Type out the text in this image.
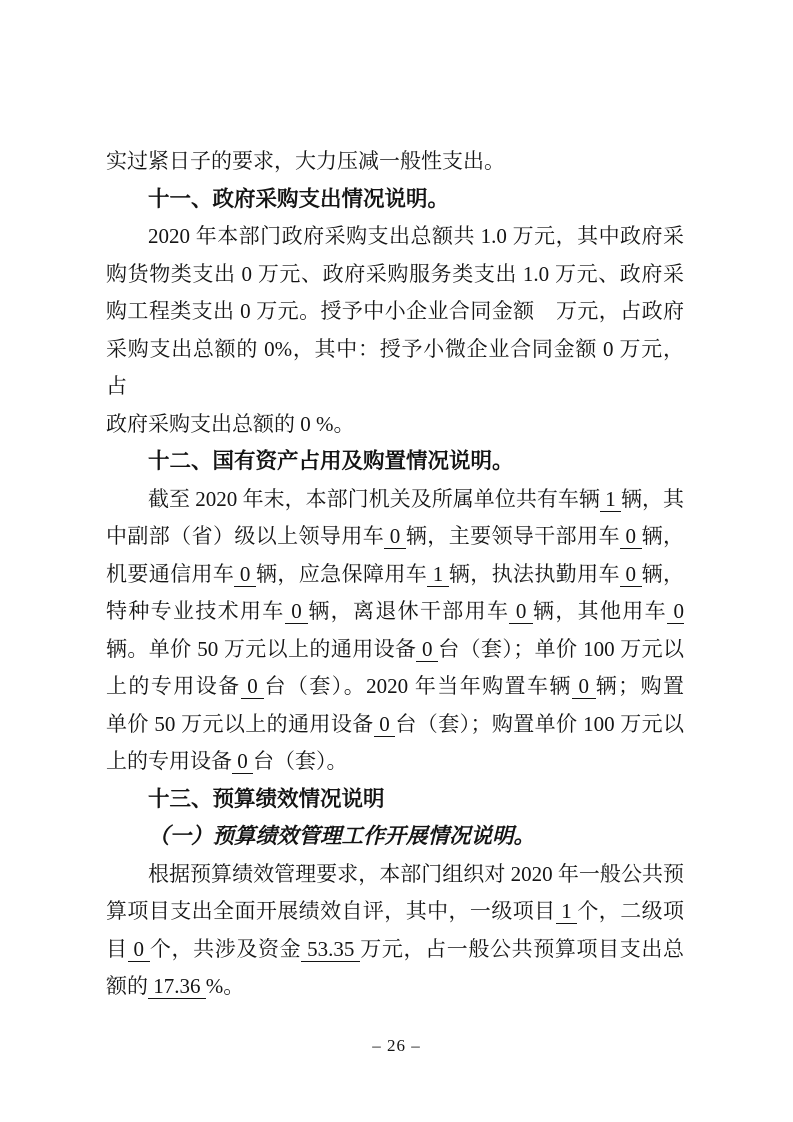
实过紧日子的要求，大力压减一般性支出。
十一、政府采购支出情况说明。
2020 年本部门政府采购支出总额共 1.0 万元，其中政府采
购货物类支出 0 万元、政府采购服务类支出 1.0 万元、政府采
购工程类支出 0 万元。授予中小企业合同金额　万元，占政府
采购支出总额的 0%，其中：授予小微企业合同金额 0 万元，占
政府采购支出总额的 0 %。
十二、国有资产占用及购置情况说明。
截至 2020 年末，本部门机关及所属单位共有车辆 1 辆，其
中副部（省）级以上领导用车 0 辆，主要领导干部用车 0 辆，
机要通信用车 0 辆，应急保障用车 1 辆，执法执勤用车 0 辆，
特种专业技术用车 0 辆，离退休干部用车 0 辆，其他用车 0
辆。单价 50 万元以上的通用设备 0 台（套）；单价 100 万元以
上的专用设备 0 台（套）。2020 年当年购置车辆 0 辆；购置
单价 50 万元以上的通用设备 0 台（套）；购置单价 100 万元以
上的专用设备 0 台（套）。
十三、预算绩效情况说明
（一）预算绩效管理工作开展情况说明。
根据预算绩效管理要求，本部门组织对 2020 年一般公共预
算项目支出全面开展绩效自评，其中，一级项目 1 个，二级项
目 0 个，共涉及资金 53.35 万元，占一般公共预算项目支出总
额的 17.36 %。
– 26 –
